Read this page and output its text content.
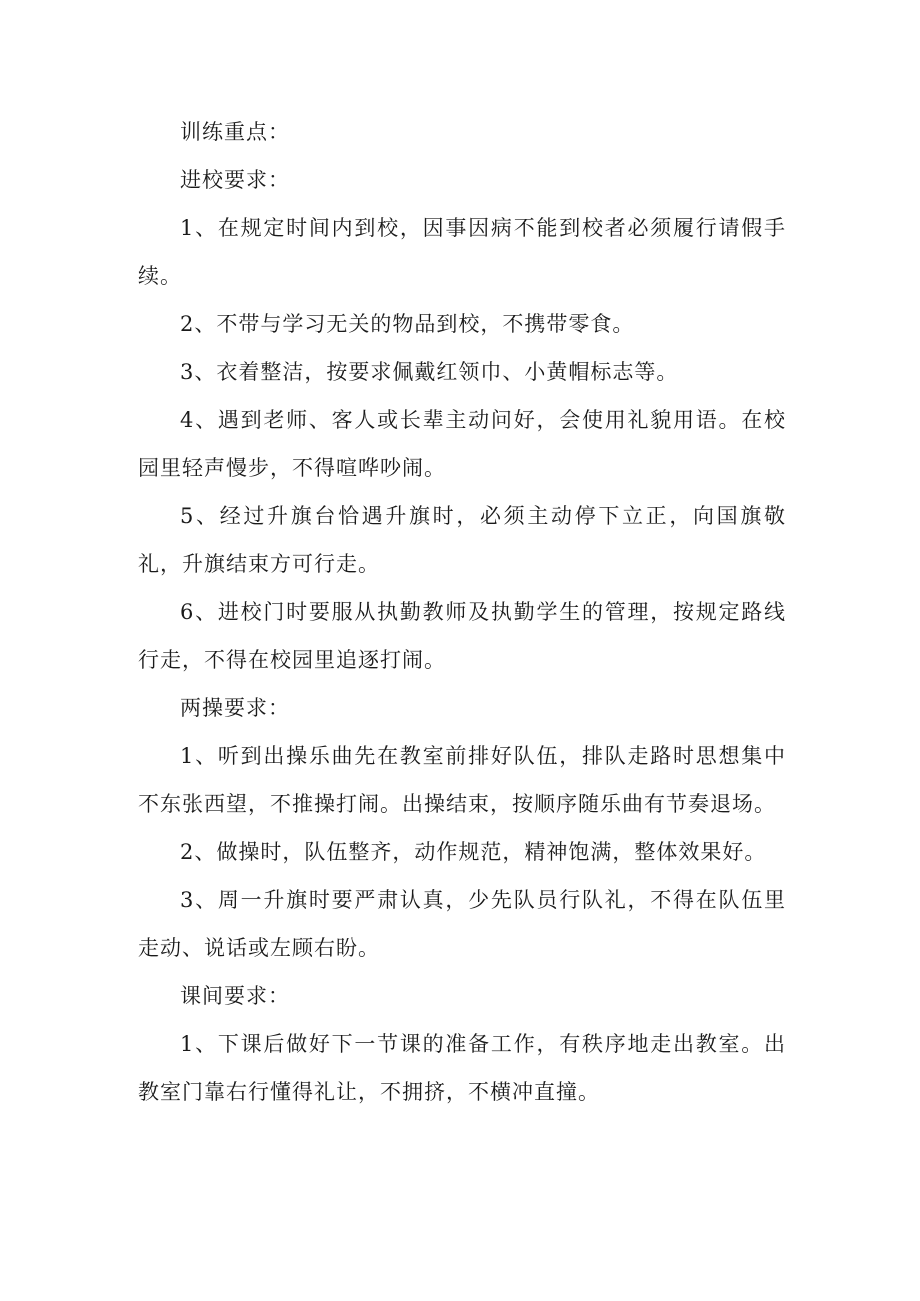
训练重点：

进校要求：

1、在规定时间内到校，因事因病不能到校者必须履行请假手续。

2、不带与学习无关的物品到校，不携带零食。

3、衣着整洁，按要求佩戴红领巾、小黄帽标志等。

4、遇到老师、客人或长辈主动问好，会使用礼貌用语。在校园里轻声慢步，不得喧哗吵闹。

5、经过升旗台恰遇升旗时，必须主动停下立正，向国旗敬礼，升旗结束方可行走。

6、进校门时要服从执勤教师及执勤学生的管理，按规定路线行走，不得在校园里追逐打闹。

两操要求：

1、听到出操乐曲先在教室前排好队伍，排队走路时思想集中不东张西望，不推操打闹。出操结束，按顺序随乐曲有节奏退场。

2、做操时，队伍整齐，动作规范，精神饱满，整体效果好。

3、周一升旗时要严肃认真，少先队员行队礼，不得在队伍里走动、说话或左顾右盼。

课间要求：

1、下课后做好下一节课的准备工作，有秩序地走出教室。出教室门靠右行懂得礼让，不拥挤，不横冲直撞。
